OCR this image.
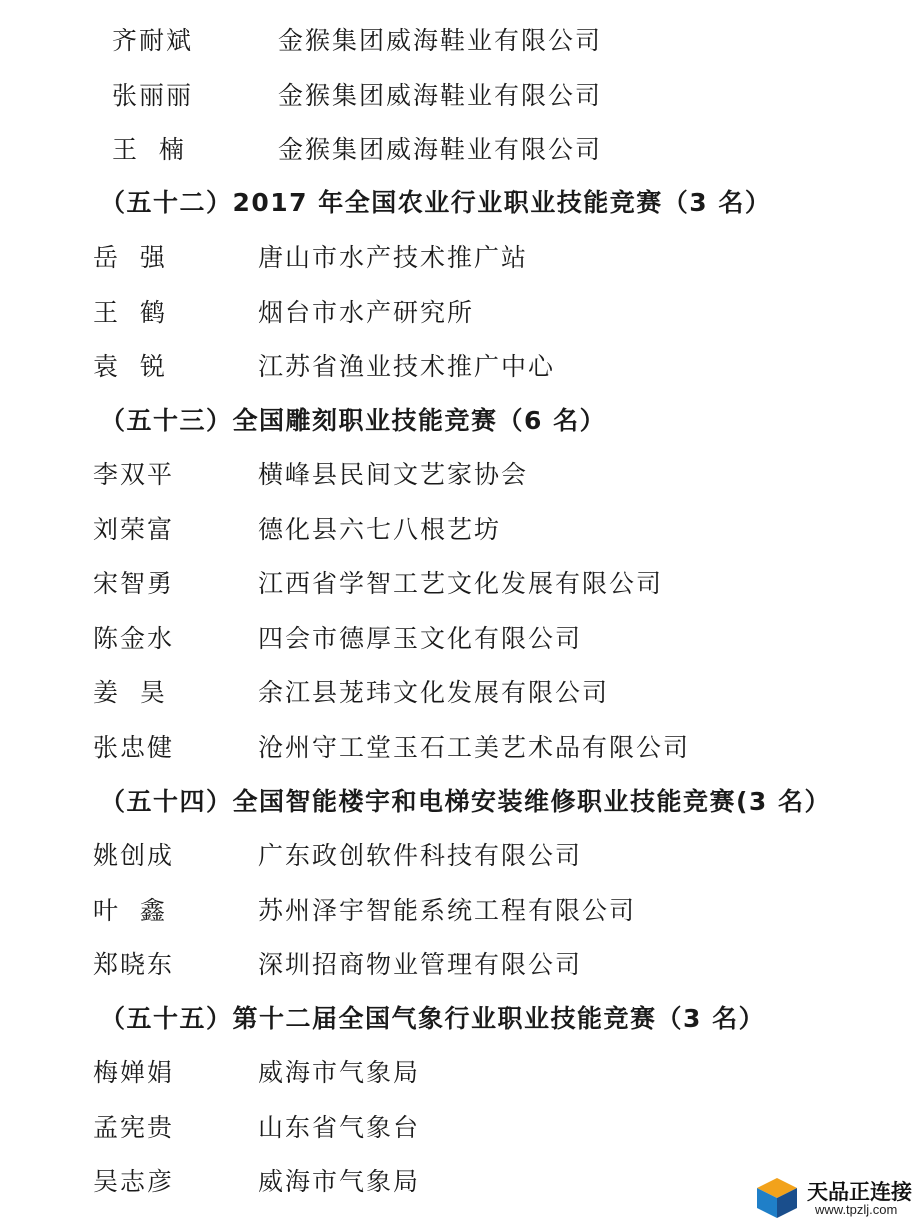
齐耐斌	金猴集团威海鞋业有限公司
张丽丽	金猴集团威海鞋业有限公司
王  楠	金猴集团威海鞋业有限公司
（五十二）2017 年全国农业行业职业技能竞赛（3 名）
岳  强	唐山市水产技术推广站
王  鹤	烟台市水产研究所
袁  锐	江苏省渔业技术推广中心
（五十三）全国雕刻职业技能竞赛（6 名）
李双平	横峰县民间文艺家协会
刘荣富	德化县六七八根艺坊
宋智勇	江西省学智工艺文化发展有限公司
陈金水	四会市德厚玉文化有限公司
姜  昊	余江县茏玮文化发展有限公司
张忠健	沧州守工堂玉石工美艺术品有限公司
（五十四）全国智能楼宇和电梯安装维修职业技能竞赛(3 名）
姚创成	广东政创软件科技有限公司
叶  鑫	苏州泽宇智能系统工程有限公司
郑晓东	深圳招商物业管理有限公司
（五十五）第十二届全国气象行业职业技能竞赛（3 名）
梅婵娟	威海市气象局
孟宪贵	山东省气象台
吴志彦	威海市气象局	天品正连接
www.tpzlj.com
